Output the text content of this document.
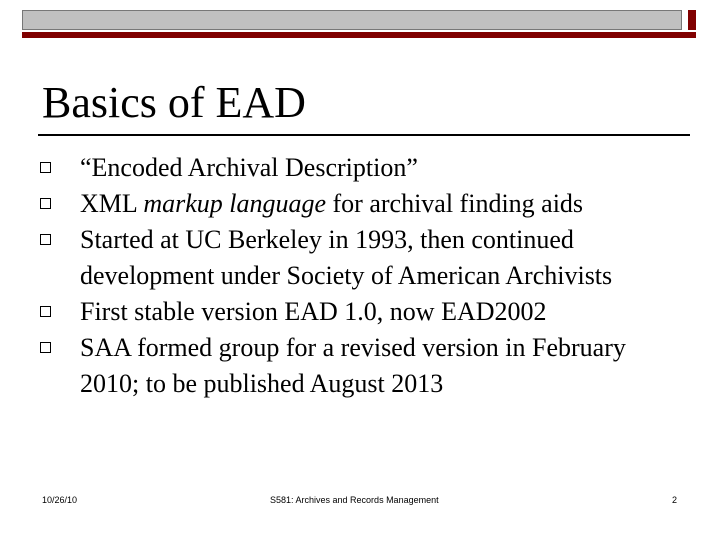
Basics of EAD
“Encoded Archival Description”
XML markup language for archival finding aids
Started at UC Berkeley in 1993, then continued development under Society of American Archivists
First stable version EAD 1.0, now EAD2002
SAA formed group for a revised version in February 2010; to be published August 2013
10/26/10	S581: Archives and Records Management	2
